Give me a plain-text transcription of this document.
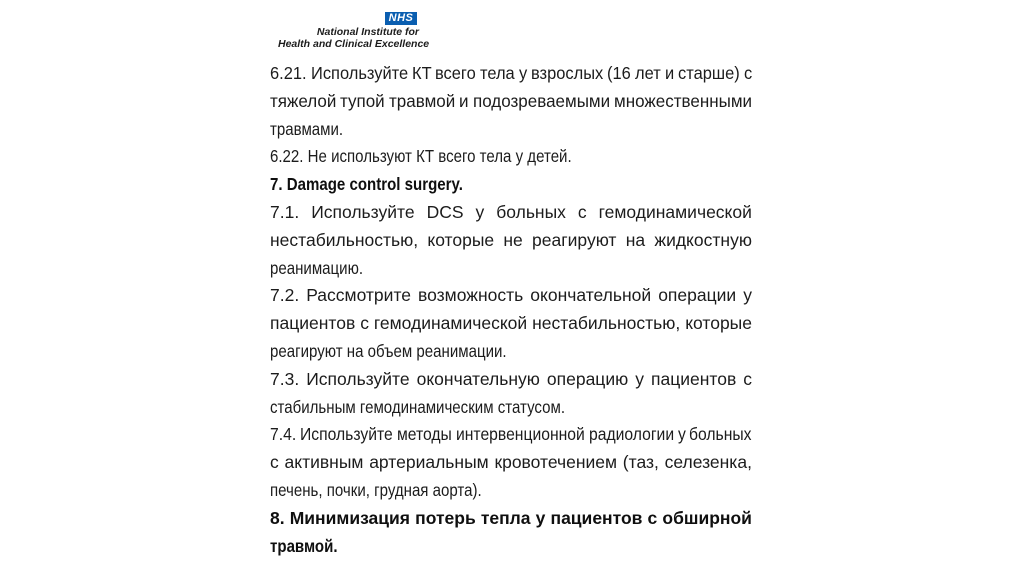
NHS
National Institute for
Health and Clinical Excellence
6.21. Используйте КТ всего тела у взрослых (16 лет и старше) с
тяжелой тупой травмой и подозреваемыми множественными
травмами.
6.22. Не используют КТ всего тела у детей.
7. Damage control surgery.
7.1. Используйте DCS у больных с гемодинамической
нестабильностью, которые не реагируют на жидкостную
реанимацию.
7.2. Рассмотрите возможность окончательной операции у
пациентов с гемодинамической нестабильностью, которые
реагируют на объем реанимации.
7.3. Используйте окончательную операцию у пациентов с
стабильным гемодинамическим статусом.
7.4. Используйте методы интервенционной радиологии у больных
с активным артериальным кровотечением (таз, селезенка,
печень, почки, грудная аорта).
8. Минимизация потерь тепла у пациентов с обширной
травмой.
